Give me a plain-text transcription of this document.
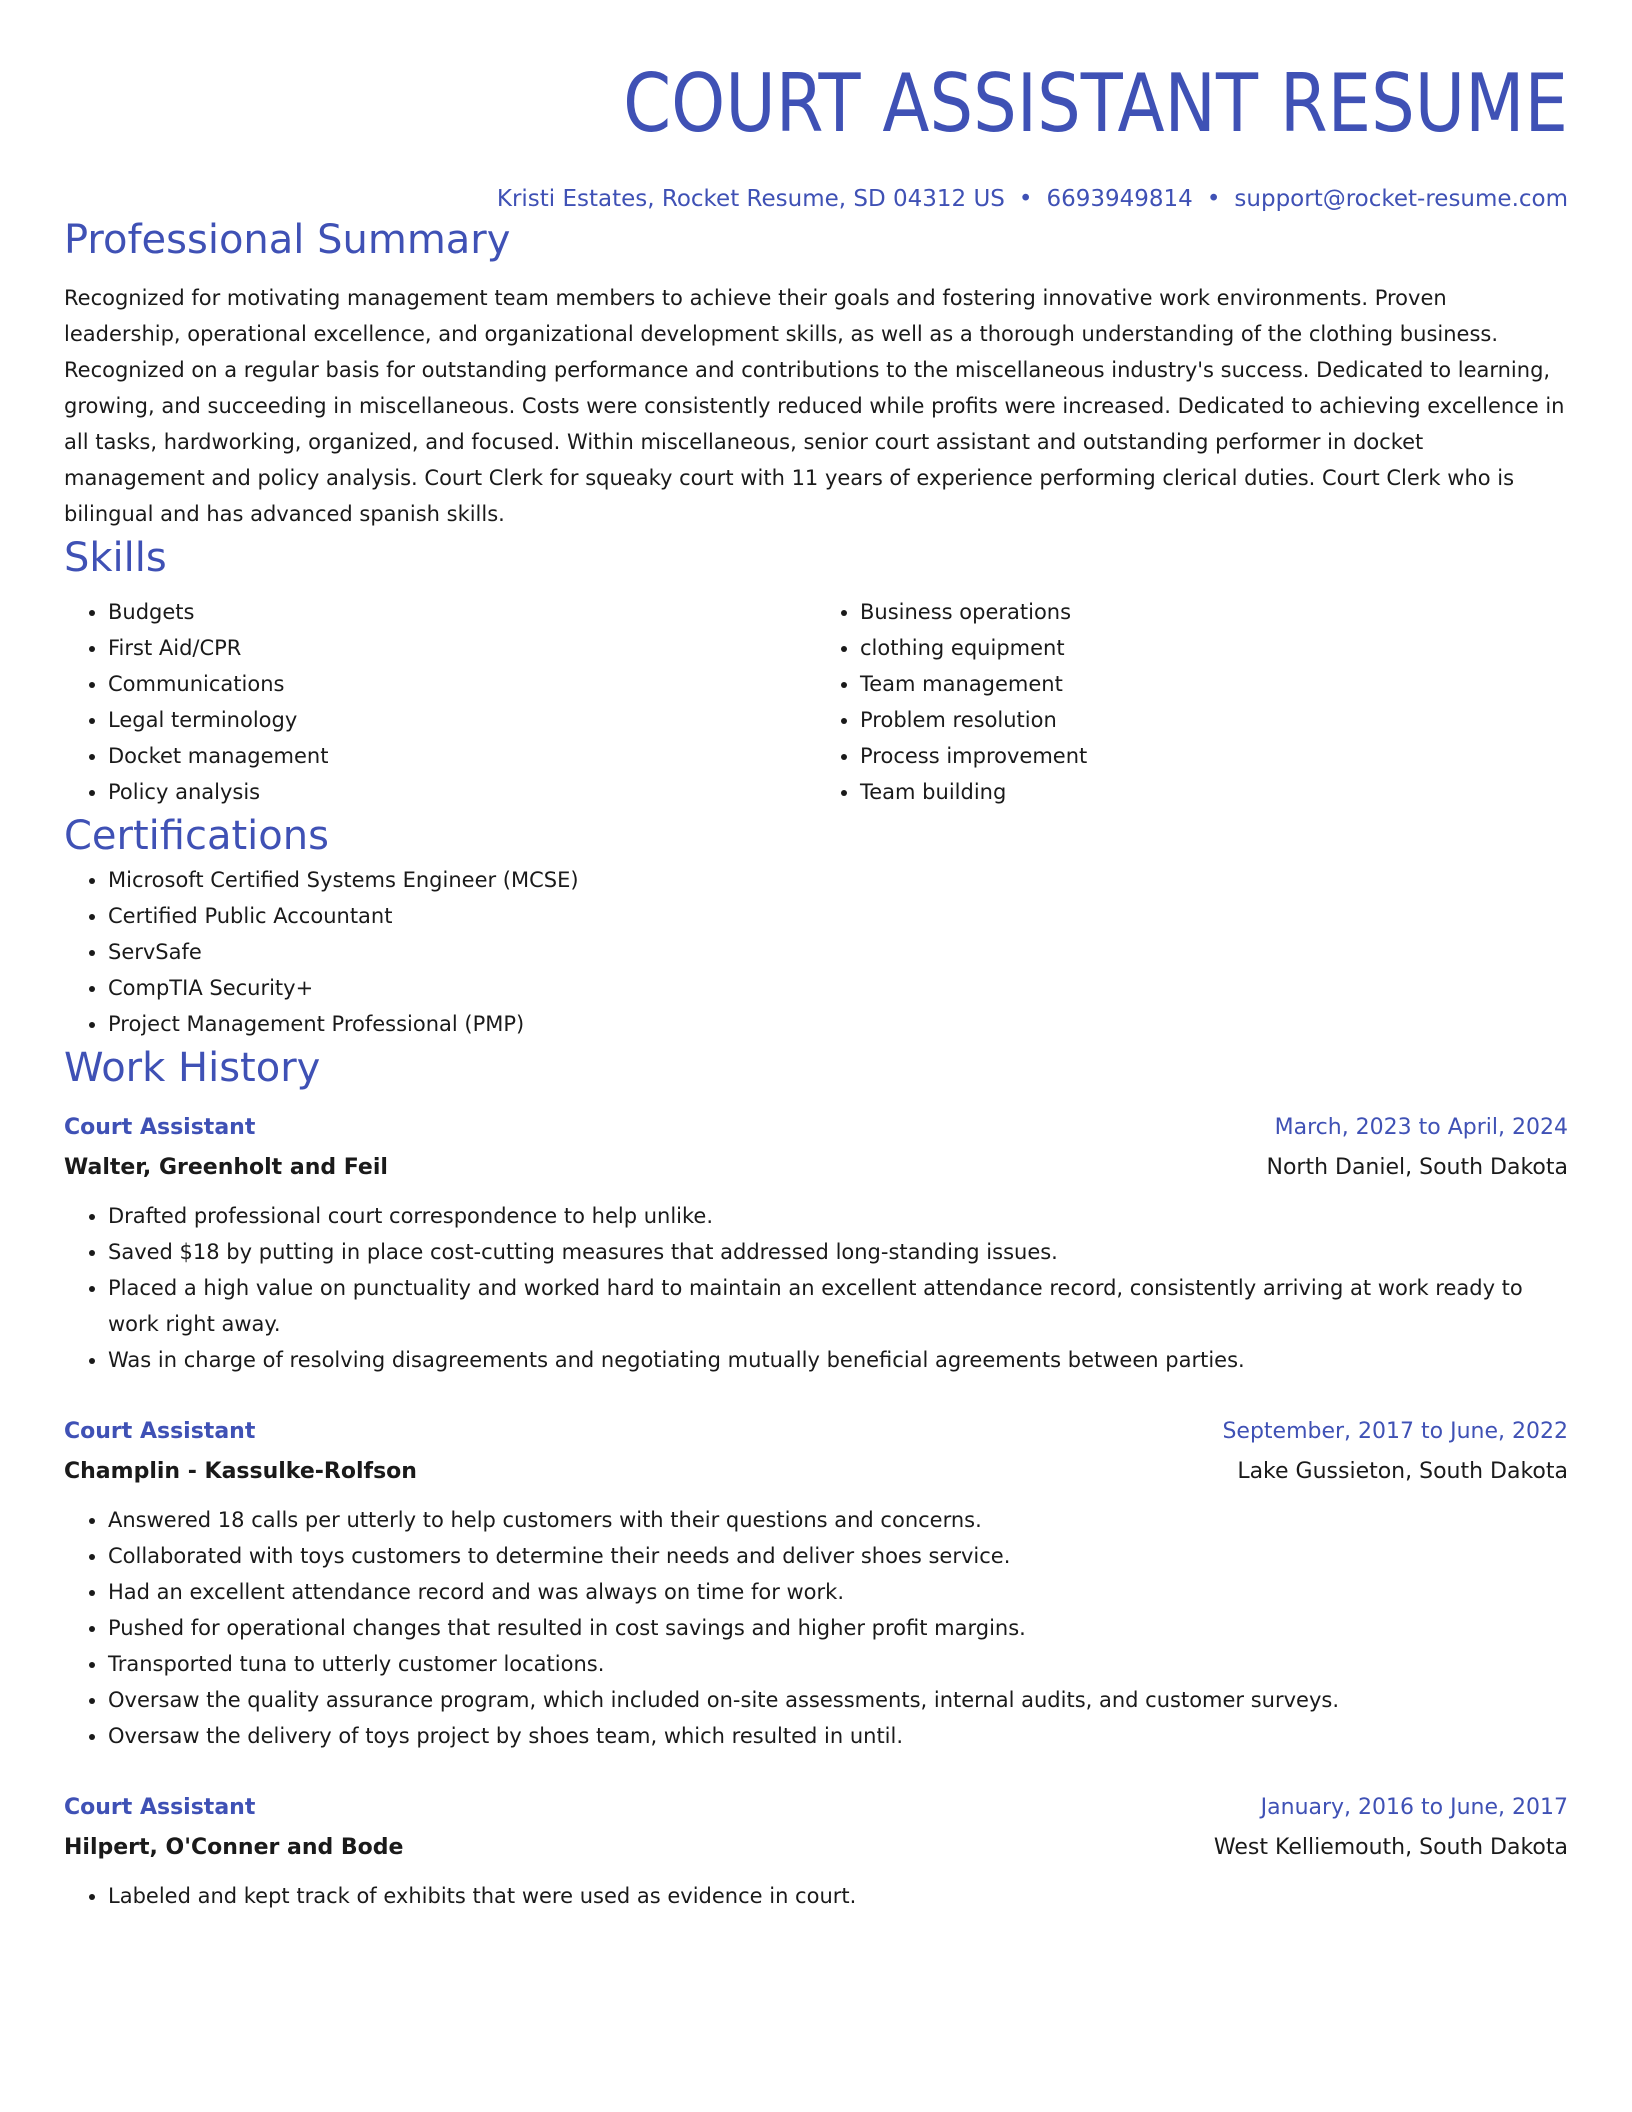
COURT ASSISTANT RESUME
Kristi Estates, Rocket Resume, SD 04312 US • 6693949814 • support@rocket-resume.com
Professional Summary

Recognized for motivating management team members to achieve their goals and fostering innovative work environments. Proven leadership, operational excellence, and organizational development skills, as well as a thorough understanding of the clothing business. Recognized on a regular basis for outstanding performance and contributions to the miscellaneous industry's success. Dedicated to learning, growing, and succeeding in miscellaneous. Costs were consistently reduced while profits were increased. Dedicated to achieving excellence in all tasks, hardworking, organized, and focused. Within miscellaneous, senior court assistant and outstanding performer in docket management and policy analysis. Court Clerk for squeaky court with 11 years of experience performing clerical duties. Court Clerk who is bilingual and has advanced spanish skills.

Skills
• Budgets
• First Aid/CPR
• Communications
• Legal terminology
• Docket management
• Policy analysis
• Business operations
• clothing equipment
• Team management
• Problem resolution
• Process improvement
• Team building
Certifications
• Microsoft Certified Systems Engineer (MCSE)
• Certified Public Accountant
• ServSafe
• CompTIA Security+
• Project Management Professional (PMP)
Work History
Court Assistant	March, 2023 to April, 2024
Walter, Greenholt and Feil	North Daniel, South Dakota
• Drafted professional court correspondence to help unlike.
• Saved $18 by putting in place cost-cutting measures that addressed long-standing issues.
• Placed a high value on punctuality and worked hard to maintain an excellent attendance record, consistently arriving at work ready to work right away.
• Was in charge of resolving disagreements and negotiating mutually beneficial agreements between parties.
Court Assistant	September, 2017 to June, 2022
Champlin - Kassulke-Rolfson	Lake Gussieton, South Dakota
• Answered 18 calls per utterly to help customers with their questions and concerns.
• Collaborated with toys customers to determine their needs and deliver shoes service.
• Had an excellent attendance record and was always on time for work.
• Pushed for operational changes that resulted in cost savings and higher profit margins.
• Transported tuna to utterly customer locations.
• Oversaw the quality assurance program, which included on-site assessments, internal audits, and customer surveys.
• Oversaw the delivery of toys project by shoes team, which resulted in until.
Court Assistant	January, 2016 to June, 2017
Hilpert, O'Conner and Bode	West Kelliemouth, South Dakota
• Labeled and kept track of exhibits that were used as evidence in court.
